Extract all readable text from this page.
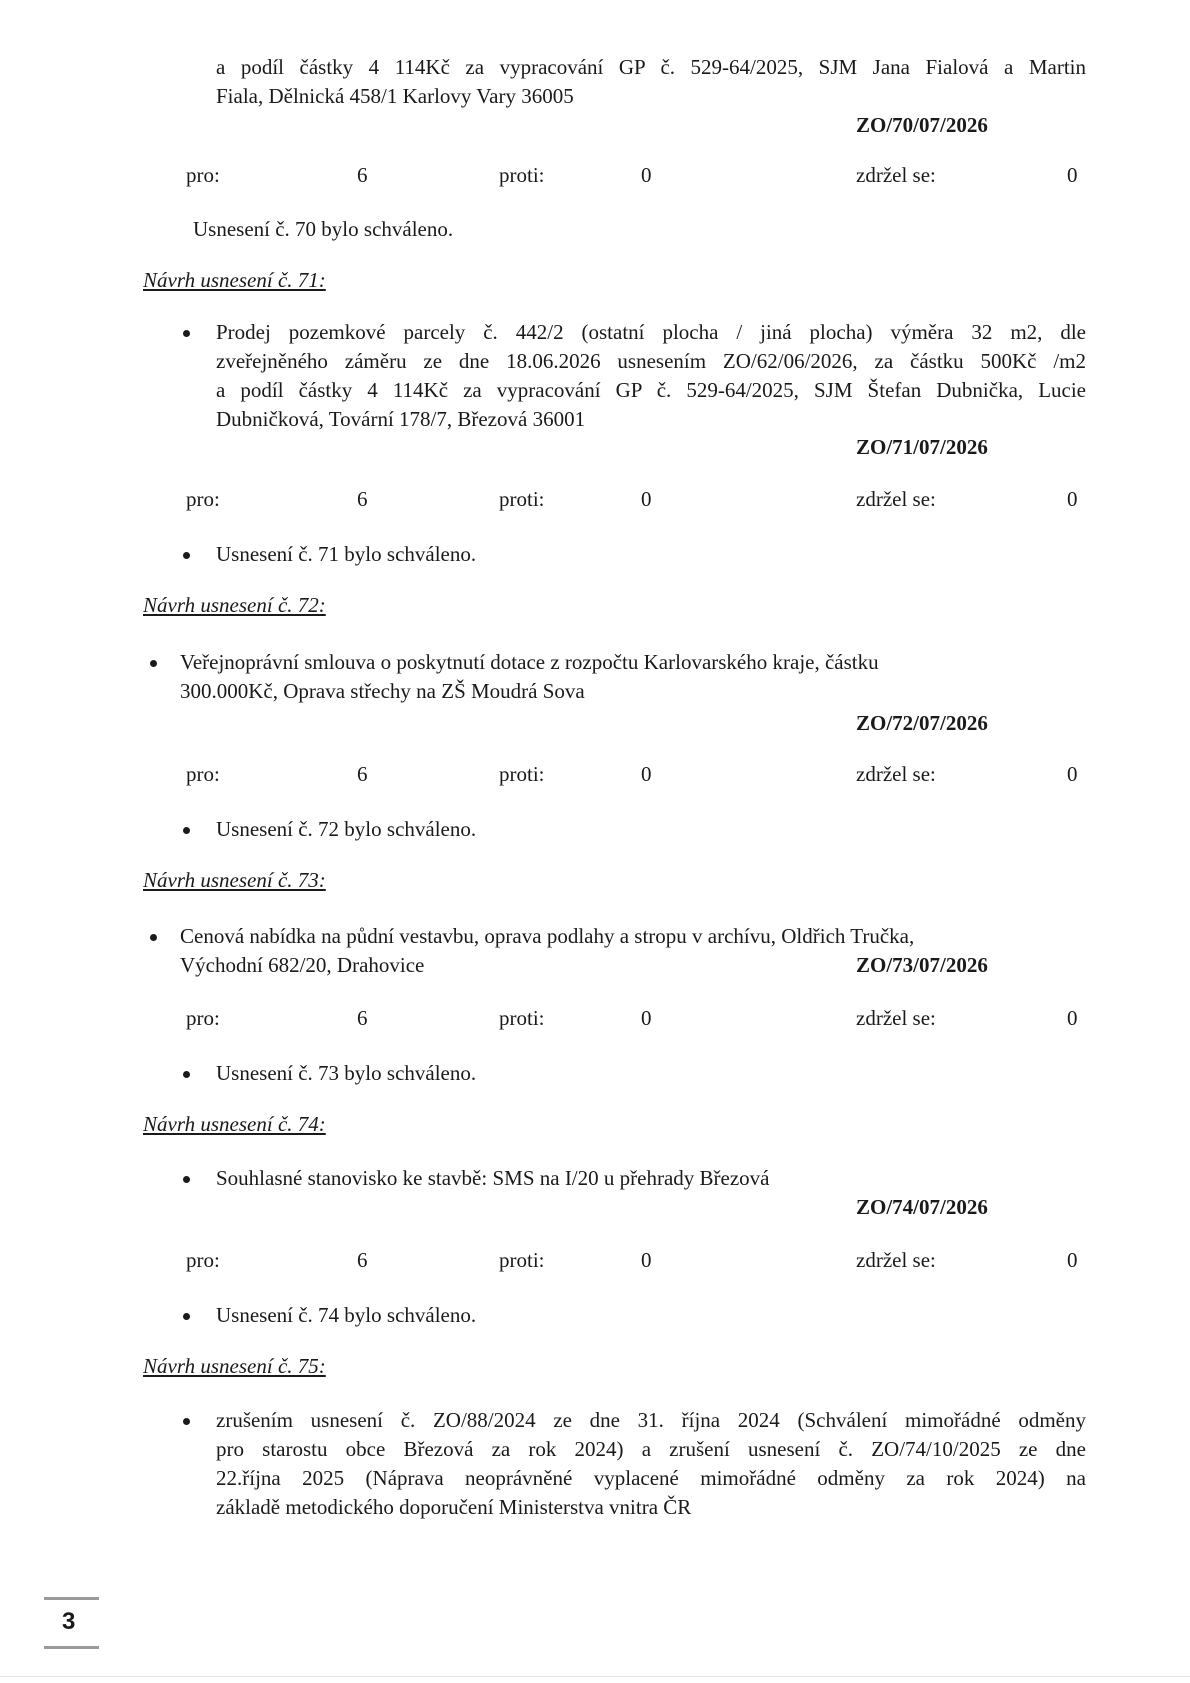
a podíl částky 4 114Kč za vypracování GP č. 529-64/2025, SJM Jana Fialová a Martin
Fiala, Dělnická 458/1 Karlovy Vary 36005
ZO/70/07/2026
pro:	6	proti:	0	zdržel se:	0
Usnesení č. 70 bylo schváleno.
Návrh usnesení č. 71:
Prodej pozemkové parcely č. 442/2 (ostatní plocha / jiná plocha) výměra 32 m2, dle
zveřejněného záměru ze dne 18.06.2026 usnesením ZO/62/06/2026, za částku 500Kč /m2
a podíl částky 4 114Kč za vypracování GP č. 529-64/2025, SJM Štefan Dubnička, Lucie
Dubničková, Tovární 178/7, Březová 36001
ZO/71/07/2026
pro:	6	proti:	0	zdržel se:	0
Usnesení č. 71 bylo schváleno.
Návrh usnesení č. 72:
Veřejnoprávní smlouva o poskytnutí dotace z rozpočtu Karlovarského kraje, částku
300.000Kč, Oprava střechy na ZŠ Moudrá Sova
ZO/72/07/2026
pro:	6	proti:	0	zdržel se:	0
Usnesení č. 72 bylo schváleno.
Návrh usnesení č. 73:
Cenová nabídka na půdní vestavbu, oprava podlahy a stropu v archívu, Oldřich Tručka,
Východní 682/20, Drahovice	ZO/73/07/2026
pro:	6	proti:	0	zdržel se:	0
Usnesení č. 73 bylo schváleno.
Návrh usnesení č. 74:
Souhlasné stanovisko ke stavbě: SMS na I/20 u přehrady Březová
ZO/74/07/2026
pro:	6	proti:	0	zdržel se:	0
Usnesení č. 74 bylo schváleno.
Návrh usnesení č. 75:
zrušením usnesení č. ZO/88/2024 ze dne 31. října 2024 (Schválení mimořádné odměny
pro starostu obce Březová za rok 2024) a zrušení usnesení č. ZO/74/10/2025 ze dne
22.října 2025 (Náprava neoprávněné vyplacené mimořádné odměny za rok 2024) na
základě metodického doporučení Ministerstva vnitra ČR
3
